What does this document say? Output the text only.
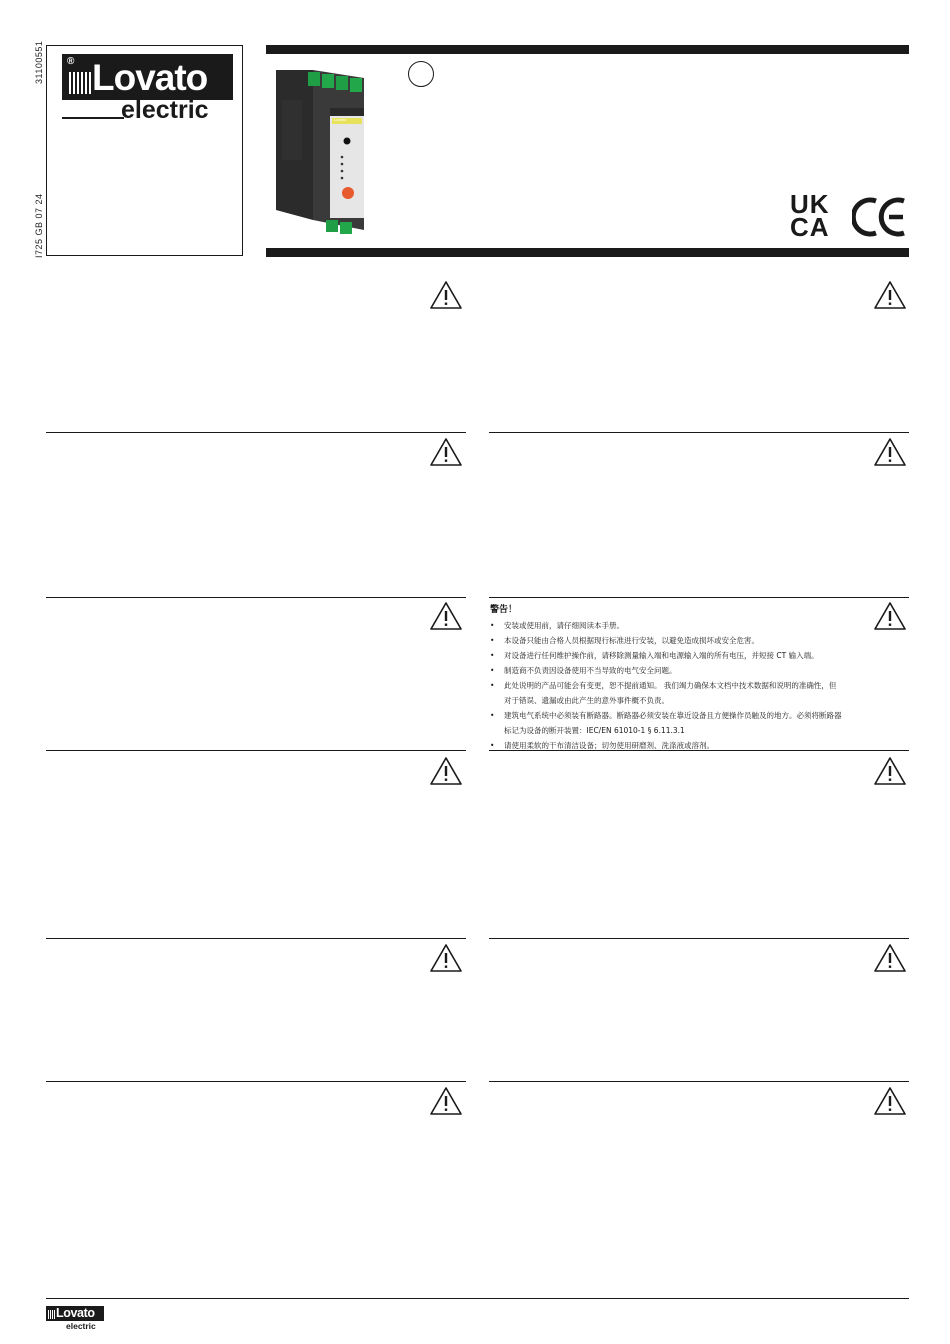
31100551
I725 GB 07 24
® Lovato
electric	Lovato
UK
CA
警告！
• 安装或使用前，请仔细阅读本手册。
• 本设备只能由合格人员根据现行标准进行安装，以避免造成损坏或安全危害。
• 对设备进行任何维护操作前，请移除测量输入端和电源输入端的所有电压，并短接 CT 输入端。
• 制造商不负责因设备使用不当导致的电气安全问题。
• 此处说明的产品可能会有变更，恕不提前通知。 我们竭力确保本文档中技术数据和说明的准确性，但
对于错误、遗漏或由此产生的意外事件概不负责。
• 建筑电气系统中必须装有断路器。断路器必须安装在靠近设备且方便操作员触及的地方。必须将断路器
标记为设备的断开装置：IEC/EN 61010-1 § 6.11.3.1
• 请使用柔软的干布清洁设备；切勿使用研磨剂、洗涤液或溶剂。
Lovato
electric
